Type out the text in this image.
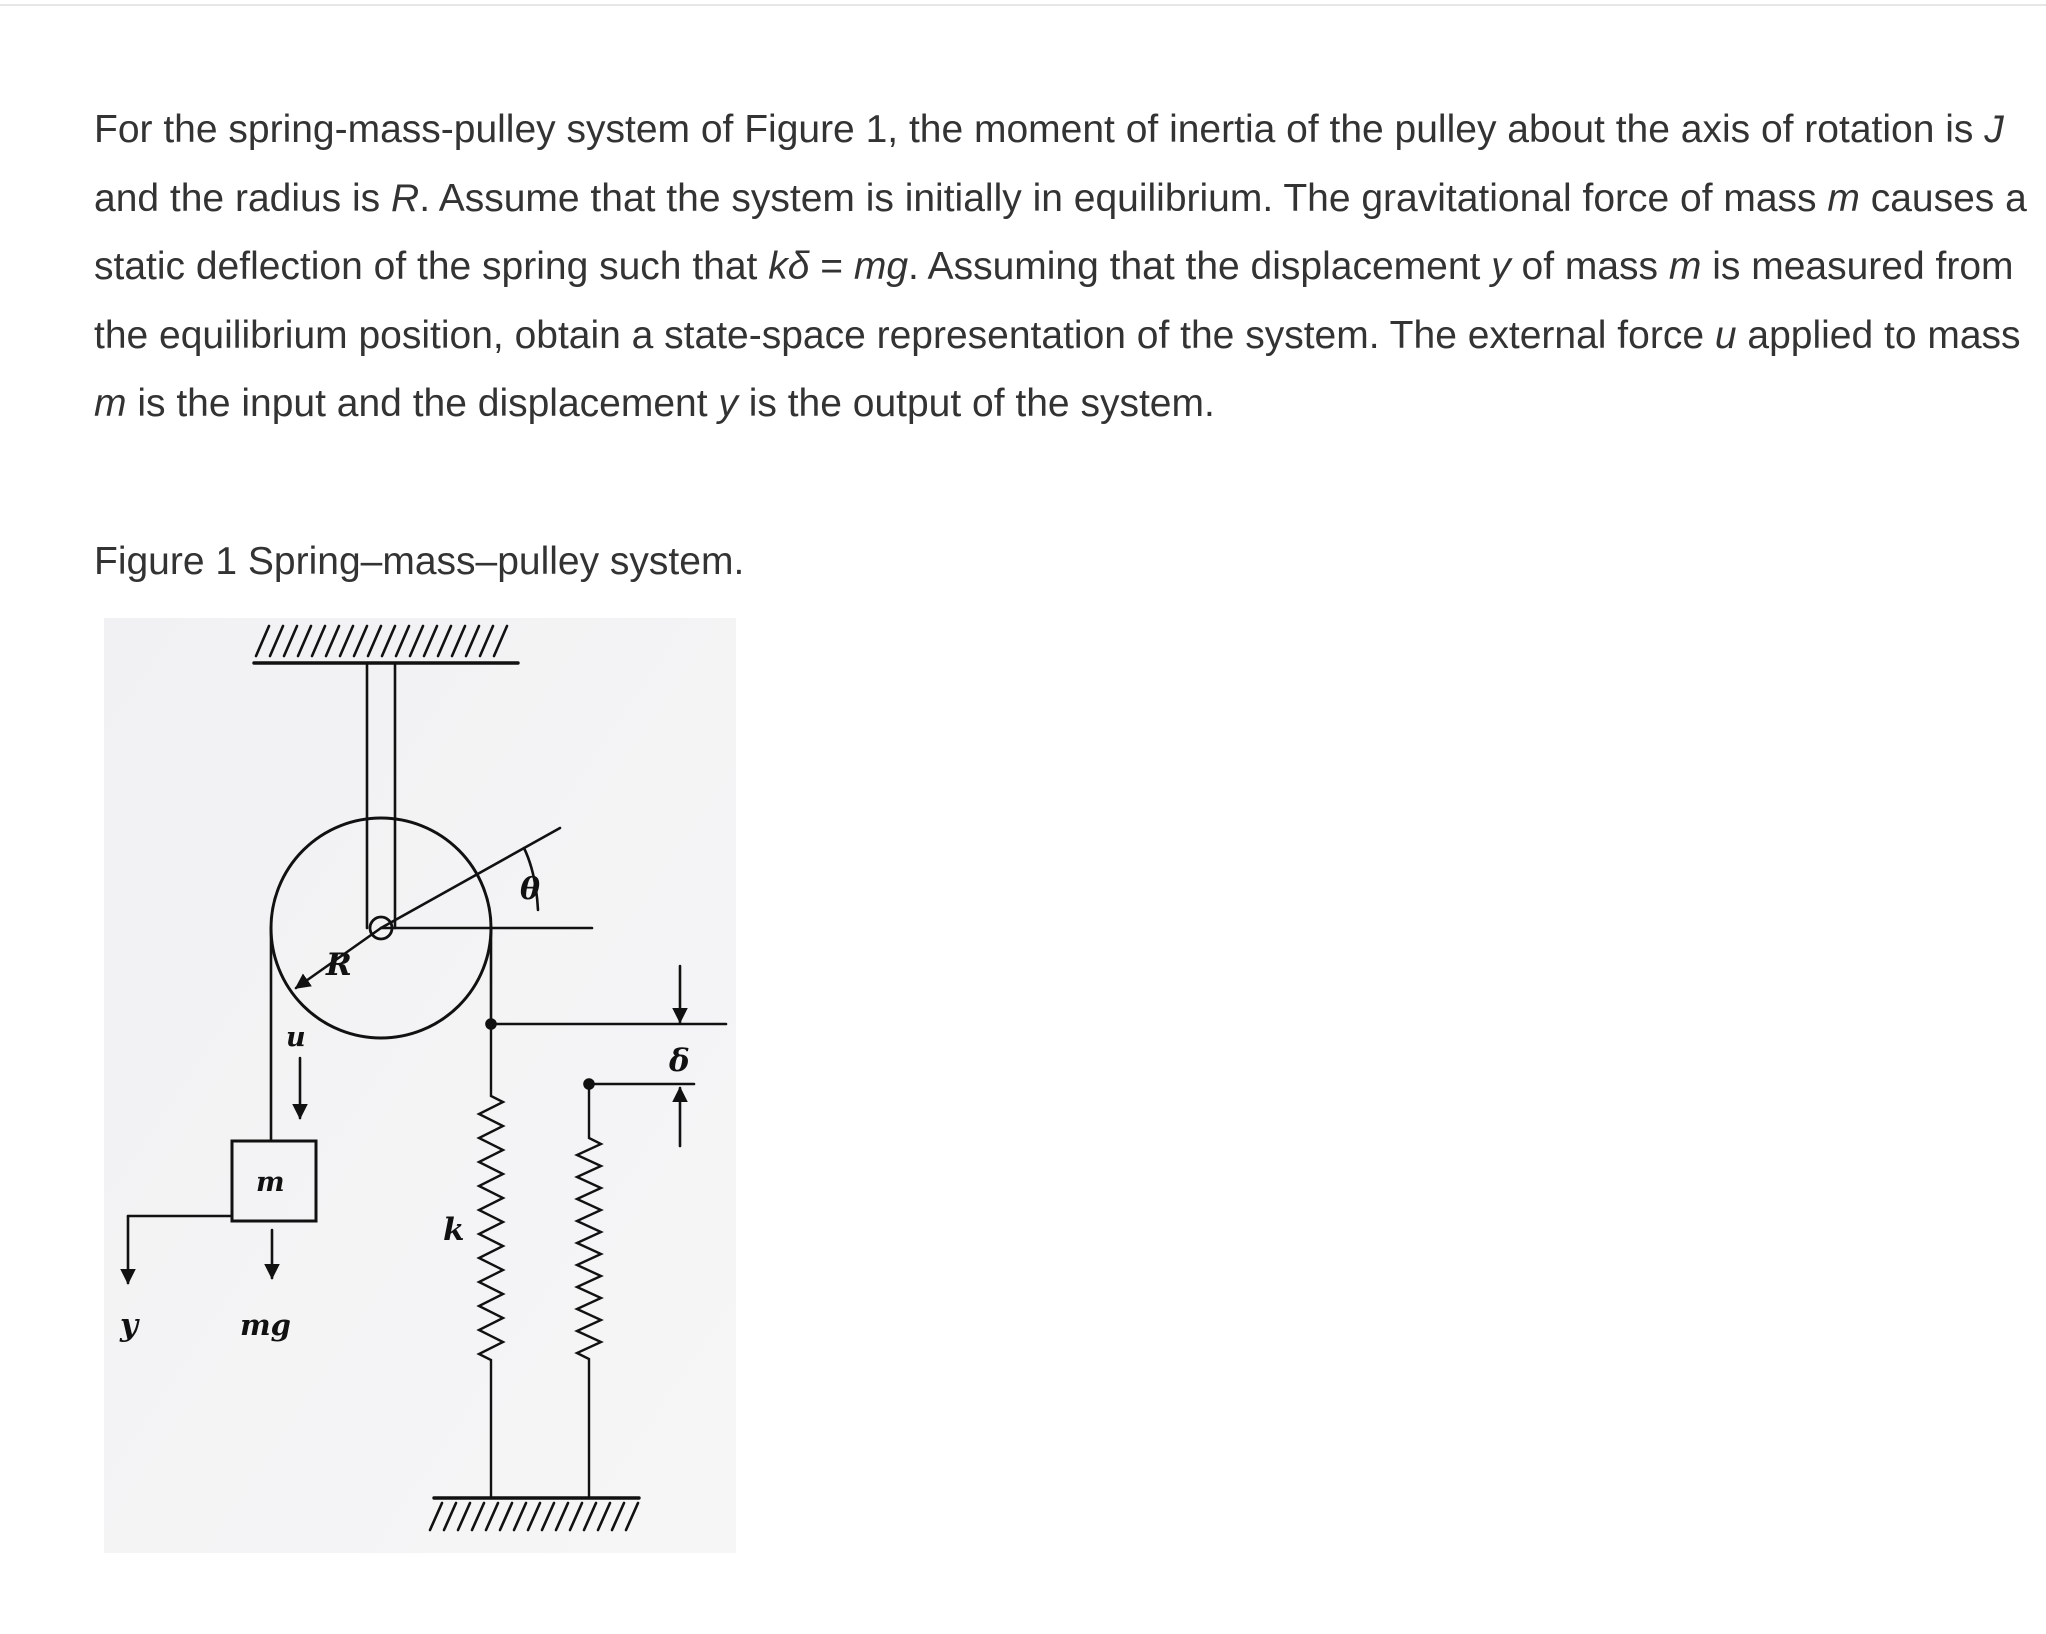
For the spring-mass-pulley system of Figure 1, the moment of inertia of the pulley about the axis of rotation is J and the radius is R. Assume that the system is initially in equilibrium. The gravitational force of mass m causes a static deflection of the spring such that kδ = mg. Assuming that the displacement y of mass m is measured from the equilibrium position, obtain a state-space representation of the system. The external force u applied to mass m is the input and the displacement y is the output of the system.

Figure 1 Spring–mass–pulley system.

θ
R
u
δ
m
k
y	mg
